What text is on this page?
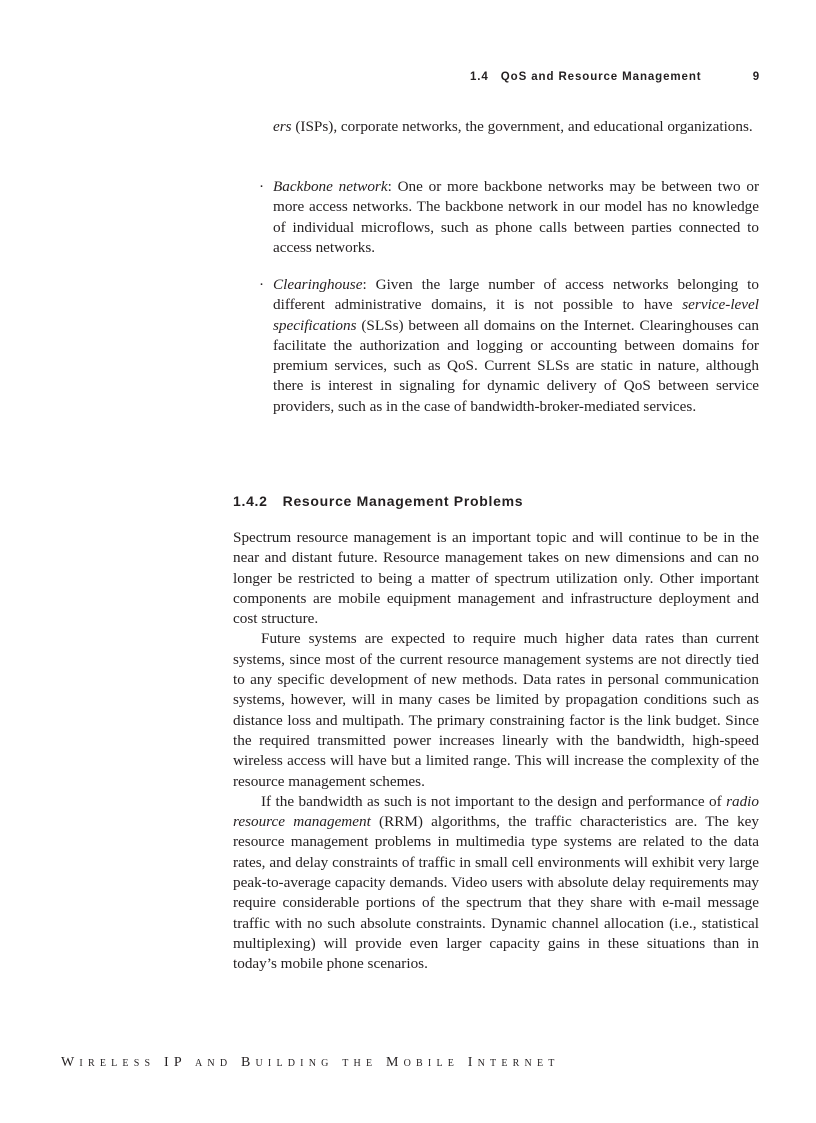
1.4 QoS and Resource Management	9

ers (ISPs), corporate networks, the government, and educational organizations.

· Backbone network: One or more backbone networks may be between two or more access networks. The backbone network in our model has no knowledge of individual microflows, such as phone calls between parties connected to access networks.

· Clearinghouse: Given the large number of access networks belonging to different administrative domains, it is not possible to have service-level specifications (SLSs) between all domains on the Internet. Clearinghouses can facilitate the authorization and logging or accounting between domains for premium services, such as QoS. Current SLSs are static in nature, although there is interest in signaling for dynamic delivery of QoS between service providers, such as in the case of bandwidth-broker-mediated services.

1.4.2 Resource Management Problems

Spectrum resource management is an important topic and will continue to be in the near and distant future. Resource management takes on new dimensions and can no longer be restricted to being a matter of spectrum utilization only. Other important components are mobile equipment management and infrastructure deployment and cost structure.

Future systems are expected to require much higher data rates than current systems, since most of the current resource management systems are not directly tied to any specific development of new methods. Data rates in personal communication systems, however, will in many cases be limited by propagation conditions such as distance loss and multipath. The primary constraining factor is the link budget. Since the required transmitted power increases linearly with the bandwidth, high-speed wireless access will have but a limited range. This will increase the complexity of the resource management schemes.

If the bandwidth as such is not important to the design and performance of radio resource management (RRM) algorithms, the traffic characteristics are. The key resource management problems in multimedia type systems are related to the data rates, and delay constraints of traffic in small cell environments will exhibit very large peak-to-average capacity demands. Video users with absolute delay requirements may require considerable portions of the spectrum that they share with e-mail message traffic with no such absolute constraints. Dynamic channel allocation (i.e., statistical multiplexing) will provide even larger capacity gains in these situations than in today’s mobile phone scenarios.

Wireless IP and Building the Mobile Internet
